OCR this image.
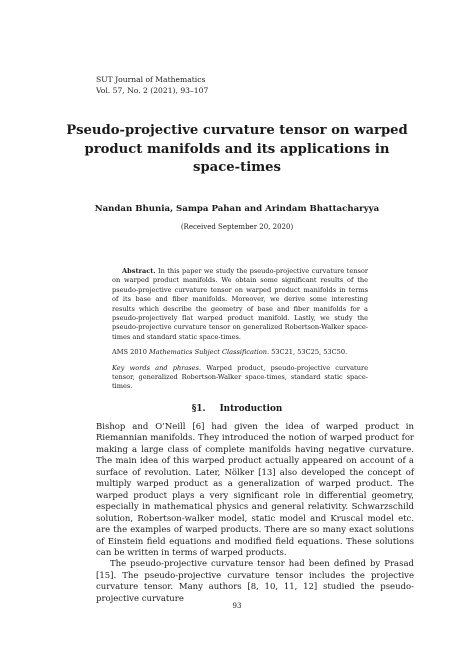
SUT Journal of Mathematics
Vol. 57, No. 2 (2021), 93–107
Pseudo-projective curvature tensor on warped product manifolds and its applications in space-times
Nandan Bhunia, Sampa Pahan and Arindam Bhattacharyya
(Received September 20, 2020)

Abstract. In this paper we study the pseudo-projective curvature tensor on warped product manifolds. We obtain some significant results of the pseudo-projective curvature tensor on warped product manifolds in terms of its base and fiber manifolds. Moreover, we derive some interesting results which describe the geometry of base and fiber manifolds for a pseudo-projectively flat warped product manifold. Lastly, we study the pseudo-projective curvature tensor on generalized Robertson-Walker space-times and standard static space-times.

AMS 2010 Mathematics Subject Classification. 53C21, 53C25, 53C50.

Key words and phrases. Warped product, pseudo-projective curvature tensor, generalized Robertson-Walker space-times, standard static space-times.

§1. Introduction

Bishop and O’Neill [6] had given the idea of warped product in Riemannian manifolds. They introduced the notion of warped product for making a large class of complete manifolds having negative curvature. The main idea of this warped product actually appeared on account of a surface of revolution. Later, Nölker [13] also developed the concept of multiply warped product as a generalization of warped product. The warped product plays a very significant role in differential geometry, especially in mathematical physics and general relativity. Schwarzschild solution, Robertson-walker model, static model and Kruscal model etc. are the examples of warped products. There are so many exact solutions of Einstein field equations and modified field equations. These solutions can be written in terms of warped products.

The pseudo-projective curvature tensor had been defined by Prasad [15]. The pseudo-projective curvature tensor includes the projective curvature tensor. Many authors [8, 10, 11, 12] studied the pseudo-projective curvature

93
